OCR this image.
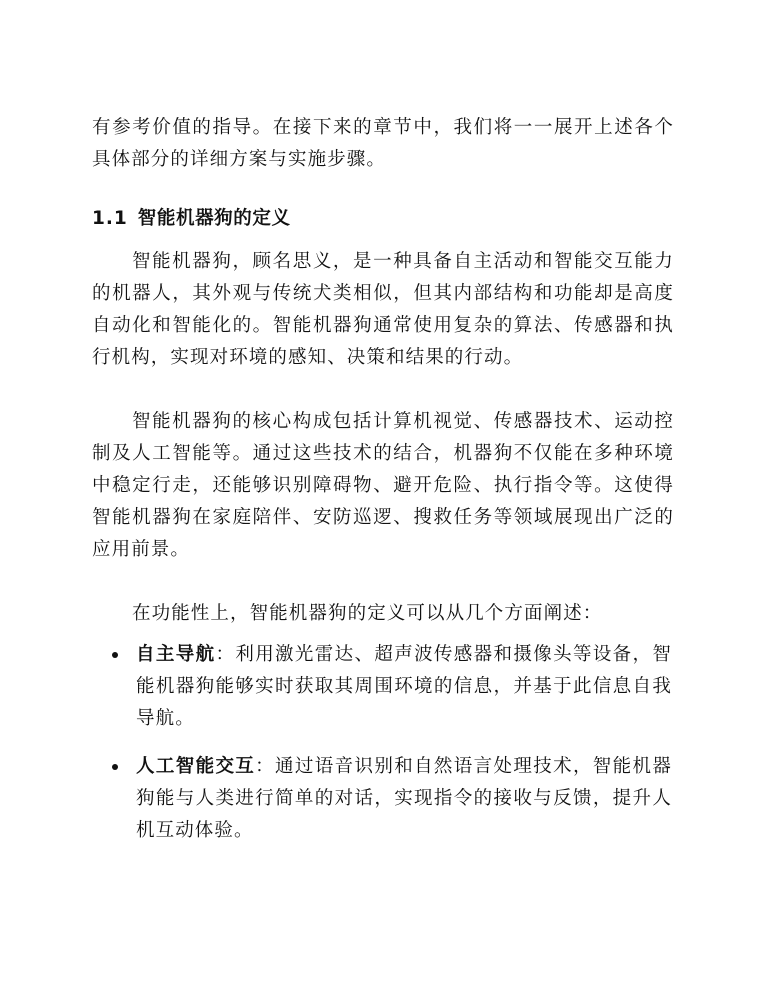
有参考价值的指导。在接下来的章节中，我们将一一展开上述各个具体部分的详细方案与实施步骤。

1.1 智能机器狗的定义

智能机器狗，顾名思义，是一种具备自主活动和智能交互能力的机器人，其外观与传统犬类相似，但其内部结构和功能却是高度自动化和智能化的。智能机器狗通常使用复杂的算法、传感器和执行机构，实现对环境的感知、决策和结果的行动。

智能机器狗的核心构成包括计算机视觉、传感器技术、运动控制及人工智能等。通过这些技术的结合，机器狗不仅能在多种环境中稳定行走，还能够识别障碍物、避开危险、执行指令等。这使得智能机器狗在家庭陪伴、安防巡逻、搜救任务等领域展现出广泛的应用前景。

在功能性上，智能机器狗的定义可以从几个方面阐述：

自主导航：利用激光雷达、超声波传感器和摄像头等设备，智能机器狗能够实时获取其周围环境的信息，并基于此信息自我导航。
人工智能交互：通过语音识别和自然语言处理技术，智能机器狗能与人类进行简单的对话，实现指令的接收与反馈，提升人机互动体验。
